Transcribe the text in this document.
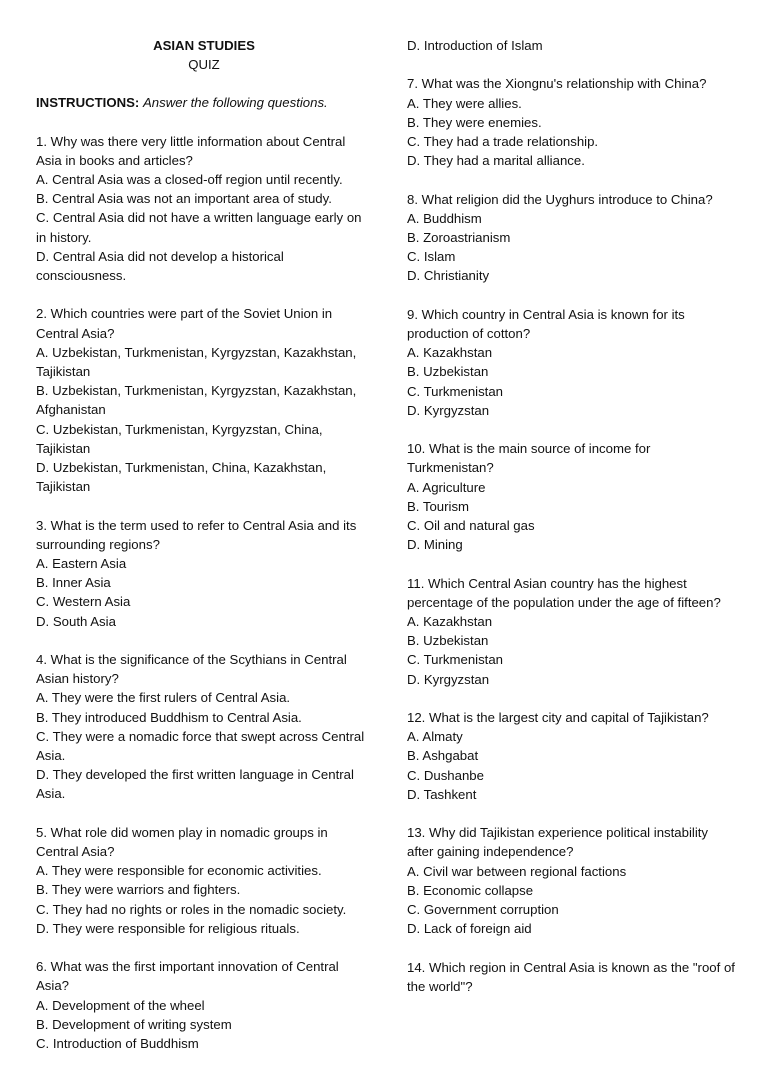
ASIAN STUDIES

QUIZ

INSTRUCTIONS: Answer the following questions.

1. Why was there very little information about Central Asia in books and articles?

A. Central Asia was a closed-off region until recently.

B. Central Asia was not an important area of study.

C. Central Asia did not have a written language early on in history.

D. Central Asia did not develop a historical consciousness.

2. Which countries were part of the Soviet Union in Central Asia?

A. Uzbekistan, Turkmenistan, Kyrgyzstan, Kazakhstan, Tajikistan

B. Uzbekistan, Turkmenistan, Kyrgyzstan, Kazakhstan, Afghanistan

C. Uzbekistan, Turkmenistan, Kyrgyzstan, China, Tajikistan

D. Uzbekistan, Turkmenistan, China, Kazakhstan, Tajikistan

3. What is the term used to refer to Central Asia and its surrounding regions?

A. Eastern Asia

B. Inner Asia

C. Western Asia

D. South Asia

4. What is the significance of the Scythians in Central Asian history?

A. They were the first rulers of Central Asia.

B. They introduced Buddhism to Central Asia.

C. They were a nomadic force that swept across Central Asia.

D. They developed the first written language in Central Asia.

5. What role did women play in nomadic groups in Central Asia?

A. They were responsible for economic activities.

B. They were warriors and fighters.

C. They had no rights or roles in the nomadic society.

D. They were responsible for religious rituals.

6. What was the first important innovation of Central Asia?

A. Development of the wheel

B. Development of writing system

C. Introduction of Buddhism

D. Introduction of Islam

7. What was the Xiongnu's relationship with China?

A. They were allies.

B. They were enemies.

C. They had a trade relationship.

D. They had a marital alliance.

8. What religion did the Uyghurs introduce to China?

A. Buddhism

B. Zoroastrianism

C. Islam

D. Christianity

9. Which country in Central Asia is known for its production of cotton?

A. Kazakhstan

B. Uzbekistan

C. Turkmenistan

D. Kyrgyzstan

10. What is the main source of income for Turkmenistan?

A. Agriculture

B. Tourism

C. Oil and natural gas

D. Mining

11. Which Central Asian country has the highest percentage of the population under the age of fifteen?

A. Kazakhstan

B. Uzbekistan

C. Turkmenistan

D. Kyrgyzstan

12. What is the largest city and capital of Tajikistan?

A. Almaty

B. Ashgabat

C. Dushanbe

D. Tashkent

13. Why did Tajikistan experience political instability after gaining independence?

A. Civil war between regional factions

B. Economic collapse

C. Government corruption

D. Lack of foreign aid

14. Which region in Central Asia is known as the "roof of the world"?
